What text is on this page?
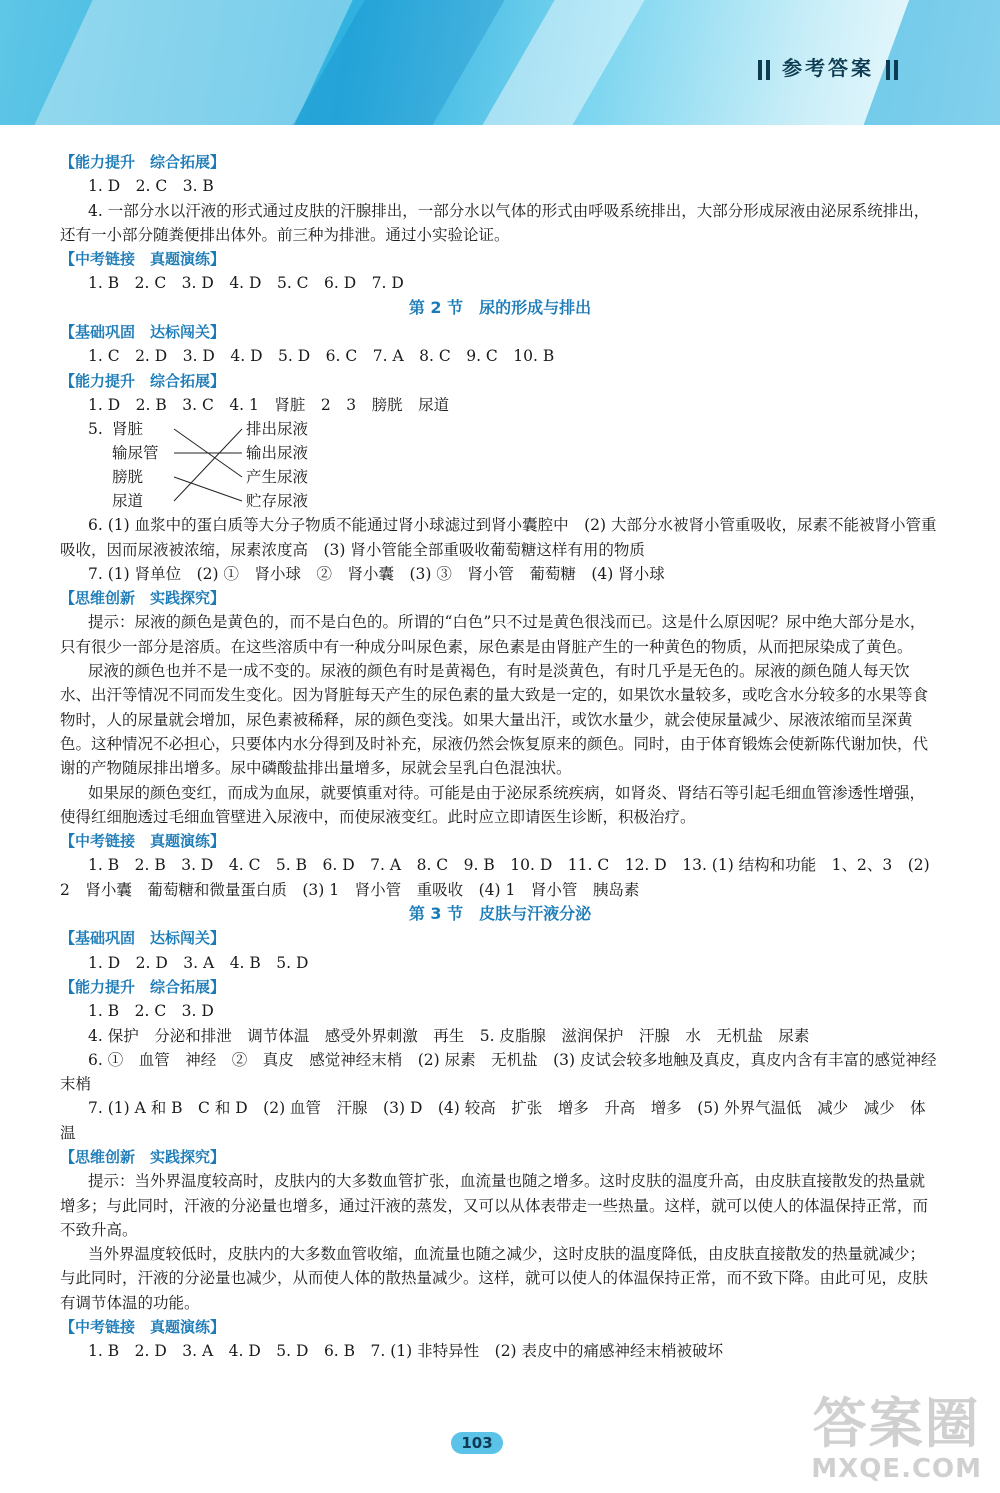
参考答案

【能力提升　综合拓展】

1. D　2. C　3. B

4. 一部分水以汗液的形式通过皮肤的汗腺排出，一部分水以气体的形式由呼吸系统排出，大部分形成尿液由泌尿系统排出，还有一小部分随粪便排出体外。前三种为排泄。通过小实验论证。

【中考链接　真题演练】

1. B　2. C　3. D　4. D　5. C　6. D　7. D

第 2 节　尿的形成与排出

【基础巩固　达标闯关】

1. C　2. D　3. D　4. D　5. D　6. C　7. A　8. C　9. C　10. B

【能力提升　综合拓展】

1. D　2. B　3. C　4. 1　肾脏　2　3　膀胱　尿道

5. 肾脏
输尿管
膀胱
尿道
排出尿液
输出尿液
产生尿液
贮存尿液

6. (1) 血浆中的蛋白质等大分子物质不能通过肾小球滤过到肾小囊腔中　(2) 大部分水被肾小管重吸收，尿素不能被肾小管重吸收，因而尿液被浓缩，尿素浓度高　(3) 肾小管能全部重吸收葡萄糖这样有用的物质

7. (1) 肾单位　(2) ①　肾小球　②　肾小囊　(3) ③　肾小管　葡萄糖　(4) 肾小球

【思维创新　实践探究】

提示：尿液的颜色是黄色的，而不是白色的。所谓的“白色”只不过是黄色很浅而已。这是什么原因呢？尿中绝大部分是水，只有很少一部分是溶质。在这些溶质中有一种成分叫尿色素，尿色素是由肾脏产生的一种黄色的物质，从而把尿染成了黄色。

尿液的颜色也并不是一成不变的。尿液的颜色有时是黄褐色，有时是淡黄色，有时几乎是无色的。尿液的颜色随人每天饮水、出汗等情况不同而发生变化。因为肾脏每天产生的尿色素的量大致是一定的，如果饮水量较多，或吃含水分较多的水果等食物时，人的尿量就会增加，尿色素被稀释，尿的颜色变浅。如果大量出汗，或饮水量少，就会使尿量减少、尿液浓缩而呈深黄色。这种情况不必担心，只要体内水分得到及时补充，尿液仍然会恢复原来的颜色。同时，由于体育锻炼会使新陈代谢加快，代谢的产物随尿排出增多。尿中磷酸盐排出量增多，尿就会呈乳白色混浊状。

如果尿的颜色变红，而成为血尿，就要慎重对待。可能是由于泌尿系统疾病，如肾炎、肾结石等引起毛细血管渗透性增强，使得红细胞透过毛细血管壁进入尿液中，而使尿液变红。此时应立即请医生诊断，积极治疗。

【中考链接　真题演练】

1. B　2. B　3. D　4. C　5. B　6. D　7. A　8. C　9. B　10. D　11. C　12. D　13. (1) 结构和功能　1、2、3　(2) 2　肾小囊　葡萄糖和微量蛋白质　(3) 1　肾小管　重吸收　(4) 1　肾小管　胰岛素

第 3 节　皮肤与汗液分泌

【基础巩固　达标闯关】

1. D　2. D　3. A　4. B　5. D

【能力提升　综合拓展】

1. B　2. C　3. D

4. 保护　分泌和排泄　调节体温　感受外界刺激　再生　5. 皮脂腺　滋润保护　汗腺　水　无机盐　尿素

6. ①　血管　神经　②　真皮　感觉神经末梢　(2) 尿素　无机盐　(3) 皮试会较多地触及真皮，真皮内含有丰富的感觉神经末梢

7. (1) A 和 B　C 和 D　(2) 血管　汗腺　(3) D　(4) 较高　扩张　增多　升高　增多　(5) 外界气温低　减少　减少　体温

【思维创新　实践探究】

提示：当外界温度较高时，皮肤内的大多数血管扩张，血流量也随之增多。这时皮肤的温度升高，由皮肤直接散发的热量就增多；与此同时，汗液的分泌量也增多，通过汗液的蒸发，又可以从体表带走一些热量。这样，就可以使人的体温保持正常，而不致升高。

当外界温度较低时，皮肤内的大多数血管收缩，血流量也随之减少，这时皮肤的温度降低，由皮肤直接散发的热量就减少；与此同时，汗液的分泌量也减少，从而使人体的散热量减少。这样，就可以使人的体温保持正常，而不致下降。由此可见，皮肤有调节体温的功能。

【中考链接　真题演练】

1. B　2. D　3. A　4. D　5. D　6. B　7. (1) 非特异性　(2) 表皮中的痛感神经末梢被破坏

103	答案圈
MXQE.COM
